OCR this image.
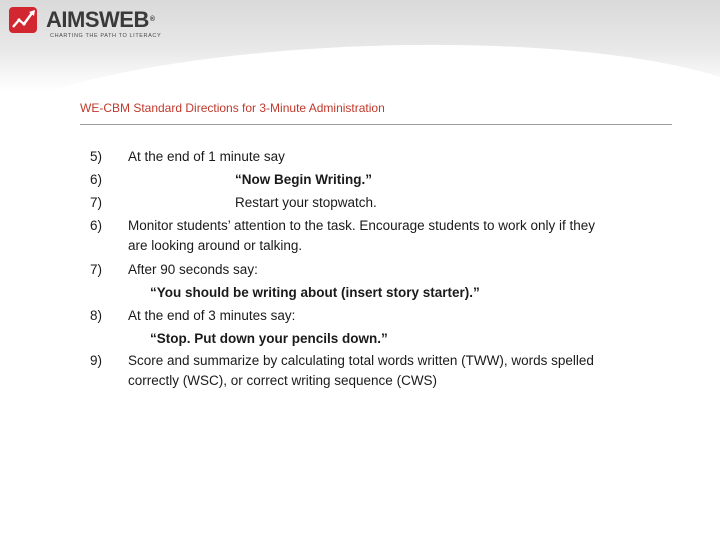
AIMSWEB®
CHARTING THE PATH TO LITERACY
WE-CBM Standard Directions for 3-Minute Administration
5) At the end of 1 minute say
6)	“Now Begin Writing.”
7)	Restart your stopwatch.
6) Monitor students’ attention to the task. Encourage students to work only if they
are looking around or talking.
7) After 90 seconds say:
“You should be writing about (insert story starter).”
8) At the end of 3 minutes say:
“Stop. Put down your pencils down.”
9) Score and summarize by calculating total words written (TWW), words spelled
correctly (WSC), or correct writing sequence (CWS)
